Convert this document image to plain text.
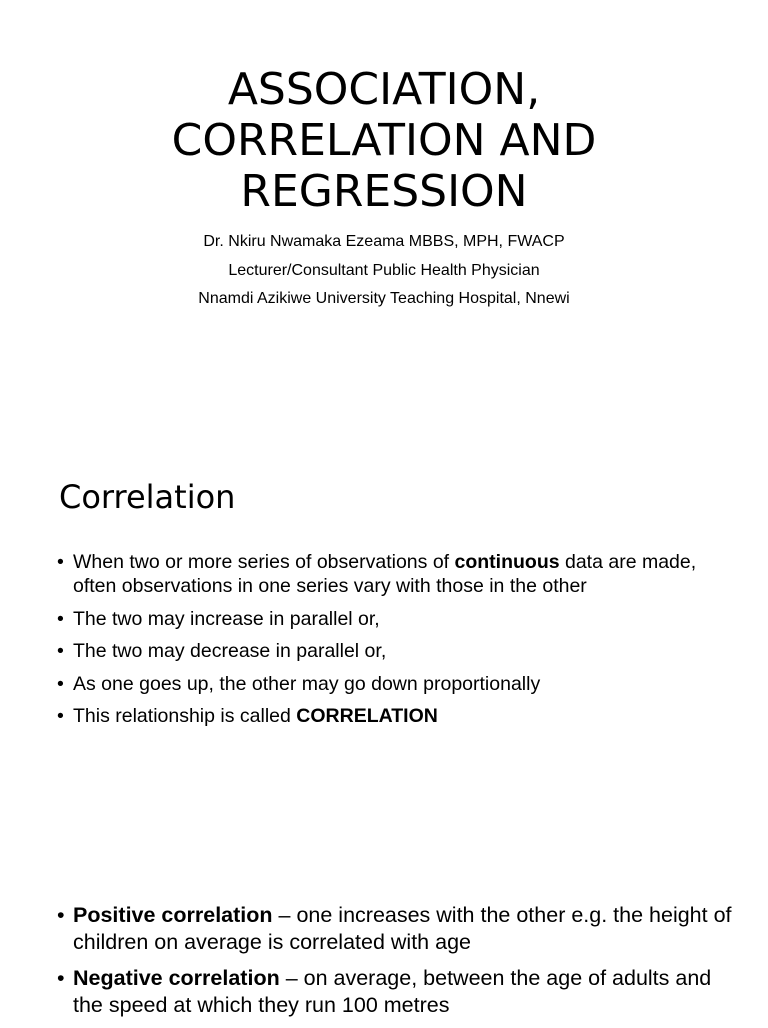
ASSOCIATION,
CORRELATION AND
REGRESSION
Dr. Nkiru Nwamaka Ezeama MBBS, MPH, FWACP
Lecturer/Consultant Public Health Physician
Nnamdi Azikiwe University Teaching Hospital, Nnewi
Correlation
• When two or more series of observations of continuous data are made, often observations in one series vary with those in the other
• The two may increase in parallel or,
• The two may decrease in parallel or,
• As one goes up, the other may go down proportionally
• This relationship is called CORRELATION
• Positive correlation – one increases with the other e.g. the height of children on average is correlated with age
• Negative correlation – on average, between the age of adults and the speed at which they run 100 metres
